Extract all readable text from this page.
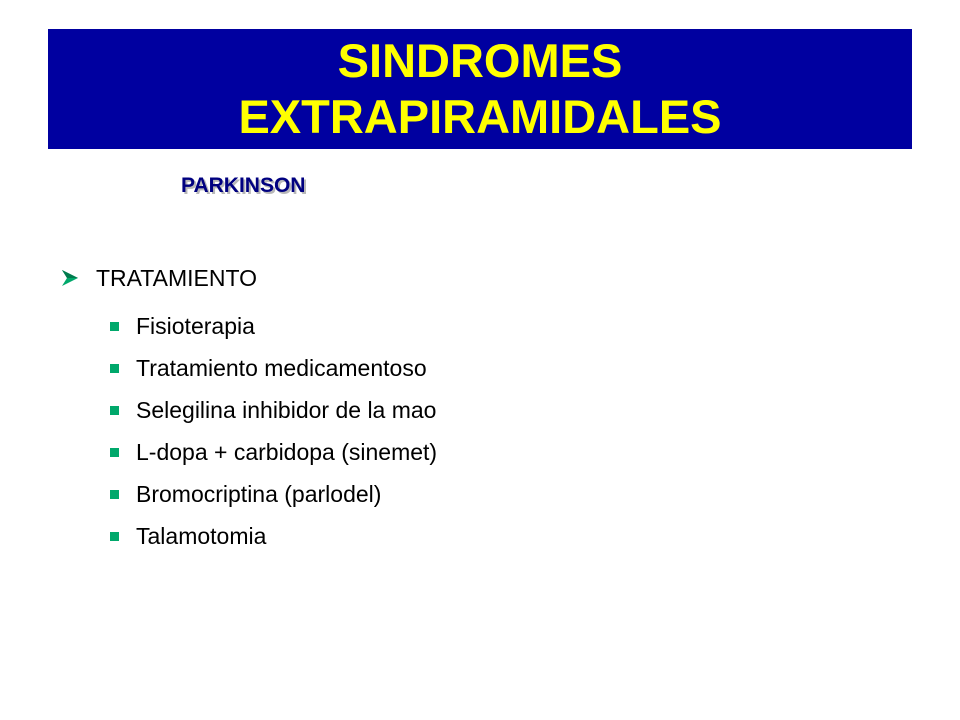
SINDROMES
EXTRAPIRAMIDALES
PARKINSON
TRATAMIENTO
Fisioterapia
Tratamiento medicamentoso
Selegilina inhibidor de la mao
L-dopa + carbidopa (sinemet)
Bromocriptina (parlodel)
Talamotomia
